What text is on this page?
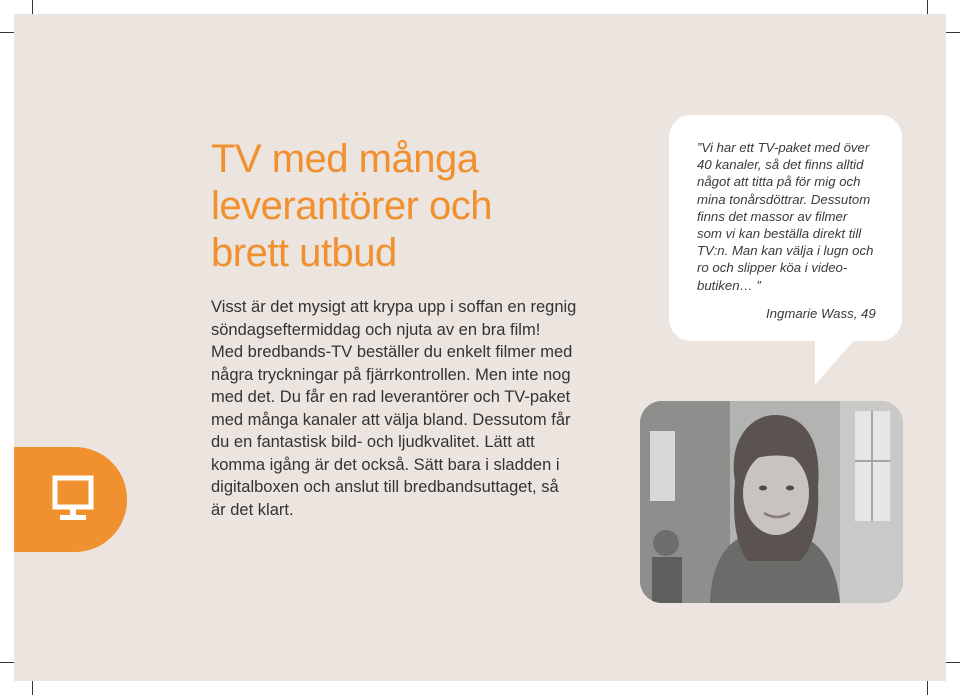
TV med många
leverantörer och
brett utbud

Visst är det mysigt att krypa upp i soffan en regnig
söndagseftermiddag och njuta av en bra film!
Med bredbands-TV beställer du enkelt filmer med
några tryckningar på fjärrkontrollen. Men inte nog
med det. Du får en rad leverantörer och TV-paket
med många kanaler att välja bland. Dessutom får
du en fantastisk bild- och ljudkvalitet. Lätt att
komma igång är det också. Sätt bara i sladden i
digitalboxen och anslut till bredbandsuttaget, så
är det klart.

”Vi har ett TV-paket med över
40 kanaler, så det finns alltid
något att titta på för mig och
mina tonårsdöttrar. Dessutom
finns det massor av filmer
som vi kan beställa direkt till
TV:n. Man kan välja i lugn och
ro och slipper köa i video-
butiken… ”

Ingmarie Wass, 49
